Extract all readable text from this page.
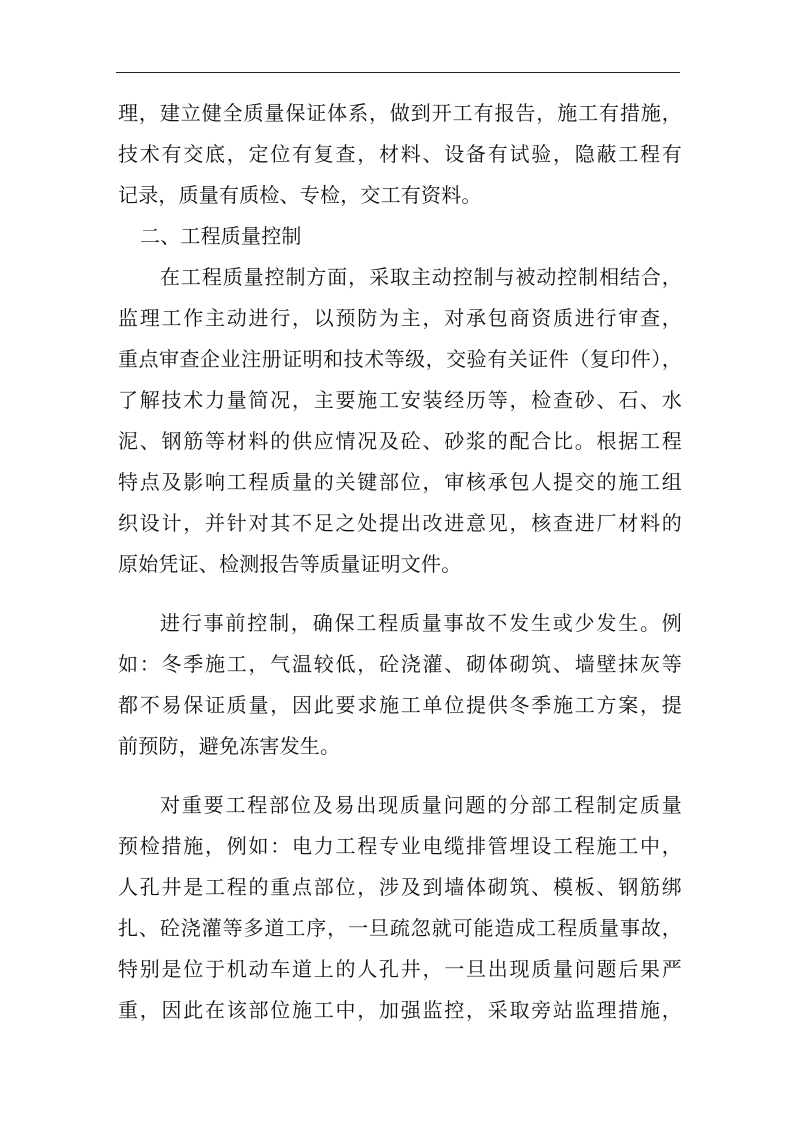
理，建立健全质量保证体系，做到开工有报告，施工有措施，
技术有交底，定位有复查，材料、设备有试验，隐蔽工程有
记录，质量有质检、专检，交工有资料。
二、工程质量控制
在工程质量控制方面，采取主动控制与被动控制相结合，
监理工作主动进行，以预防为主，对承包商资质进行审查，
重点审查企业注册证明和技术等级，交验有关证件（复印件），
了解技术力量简况，主要施工安装经历等，检查砂、石、水
泥、钢筋等材料的供应情况及砼、砂浆的配合比。根据工程
特点及影响工程质量的关键部位，审核承包人提交的施工组
织设计，并针对其不足之处提出改进意见，核查进厂材料的
原始凭证、检测报告等质量证明文件。
进行事前控制，确保工程质量事故不发生或少发生。例
如：冬季施工，气温较低，砼浇灌、砌体砌筑、墙壁抹灰等
都不易保证质量，因此要求施工单位提供冬季施工方案，提
前预防，避免冻害发生。
对重要工程部位及易出现质量问题的分部工程制定质量
预检措施，例如：电力工程专业电缆排管埋设工程施工中，
人孔井是工程的重点部位，涉及到墙体砌筑、模板、钢筋绑
扎、砼浇灌等多道工序，一旦疏忽就可能造成工程质量事故，
特别是位于机动车道上的人孔井，一旦出现质量问题后果严
重，因此在该部位施工中，加强监控，采取旁站监理措施，
